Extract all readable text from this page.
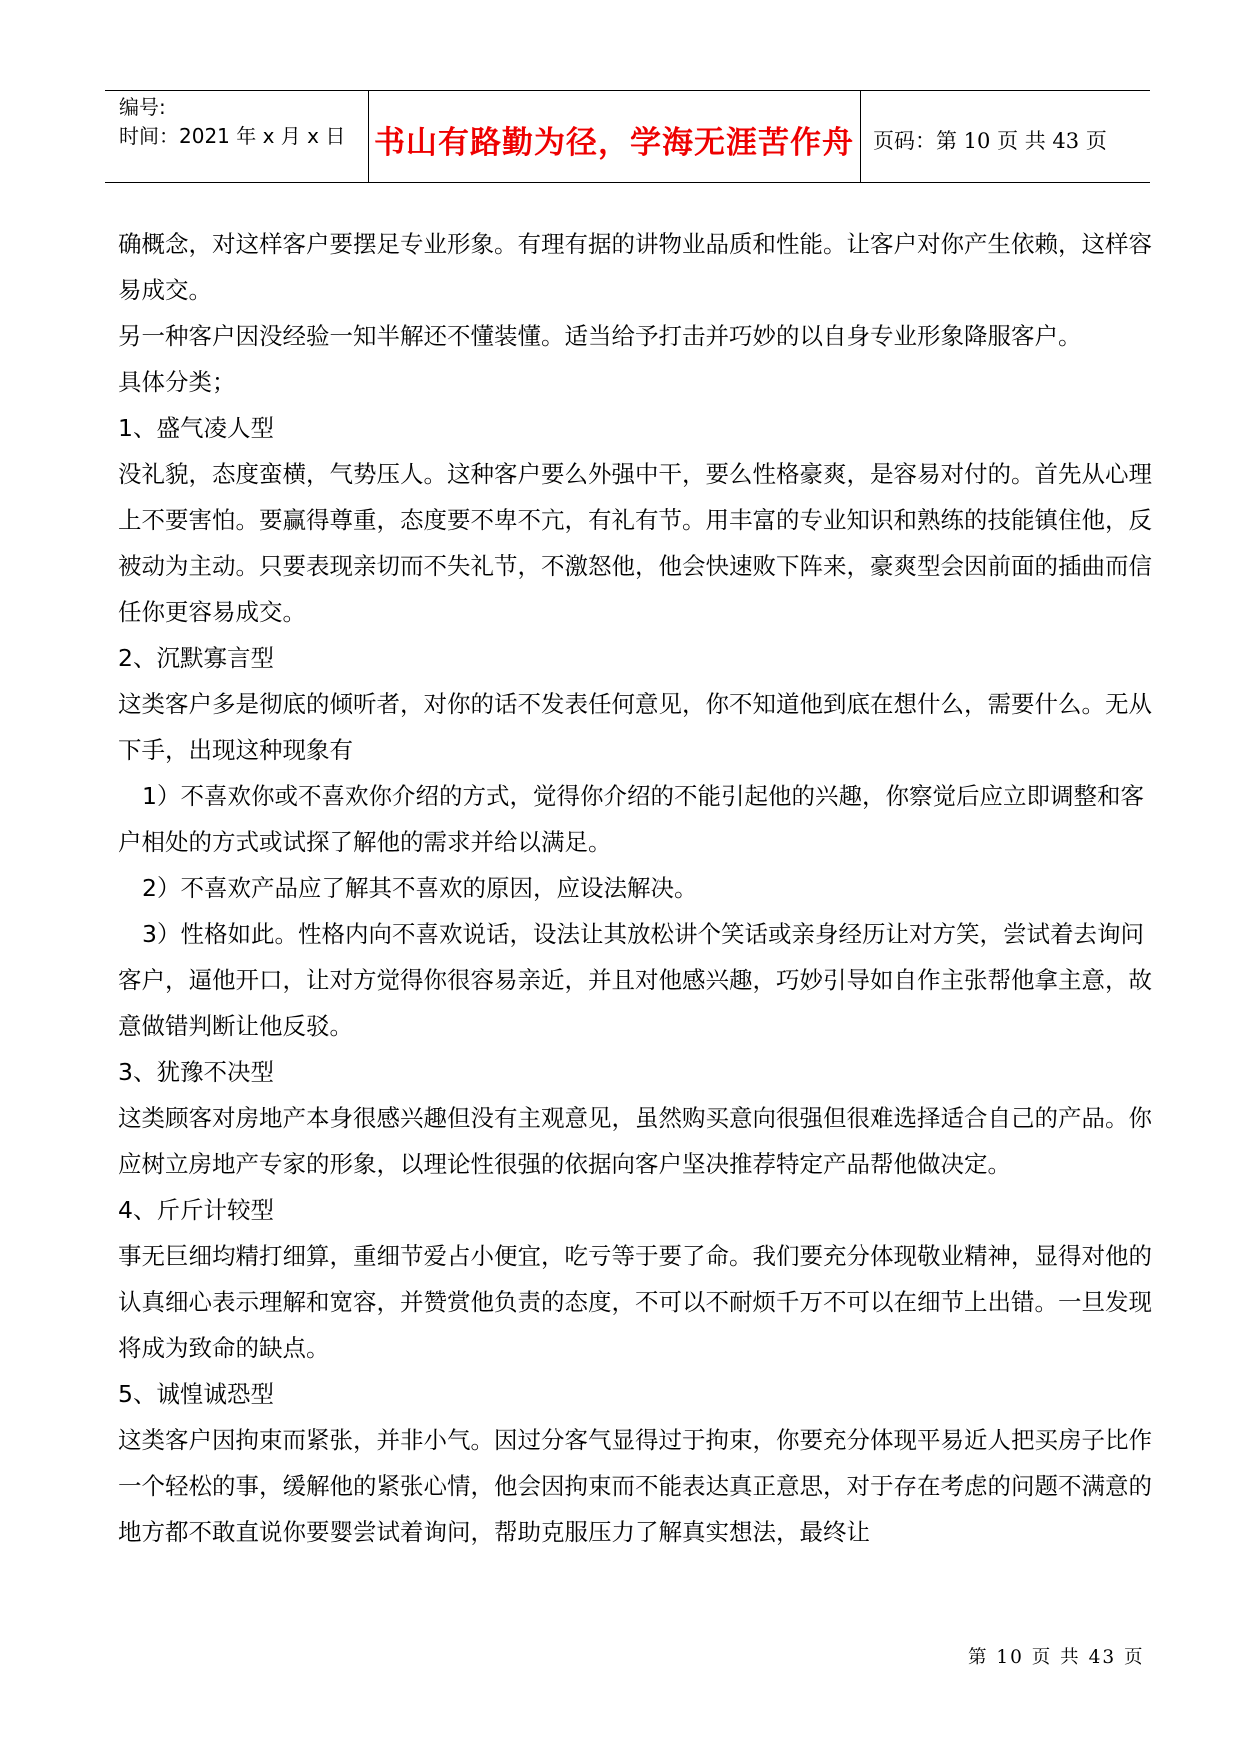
编号:
时间：2021 年 x 月 x 日 书山有路勤为径，学海无涯苦作舟 页码：第 10 页 共 43 页

确概念，对这样客户要摆足专业形象。有理有据的讲物业品质和性能。让客户对你产生依赖，这样容易成交。

另一种客户因没经验一知半解还不懂装懂。适当给予打击并巧妙的以自身专业形象降服客户。

具体分类；

1、盛气凌人型

没礼貌，态度蛮横，气势压人。这种客户要么外强中干，要么性格豪爽，是容易对付的。首先从心理上不要害怕。要赢得尊重，态度要不卑不亢，有礼有节。用丰富的专业知识和熟练的技能镇住他，反被动为主动。只要表现亲切而不失礼节，不激怒他，他会快速败下阵来，豪爽型会因前面的插曲而信任你更容易成交。

2、沉默寡言型

这类客户多是彻底的倾听者，对你的话不发表任何意见，你不知道他到底在想什么，需要什么。无从下手，出现这种现象有

1）不喜欢你或不喜欢你介绍的方式，觉得你介绍的不能引起他的兴趣，你察觉后应立即调整和客户相处的方式或试探了解他的需求并给以满足。

2）不喜欢产品应了解其不喜欢的原因，应设法解决。

3）性格如此。性格内向不喜欢说话，设法让其放松讲个笑话或亲身经历让对方笑，尝试着去询问客户，逼他开口，让对方觉得你很容易亲近，并且对他感兴趣，巧妙引导如自作主张帮他拿主意，故意做错判断让他反驳。

3、犹豫不决型

这类顾客对房地产本身很感兴趣但没有主观意见，虽然购买意向很强但很难选择适合自己的产品。你应树立房地产专家的形象，以理论性很强的依据向客户坚决推荐特定产品帮他做决定。

4、斤斤计较型

事无巨细均精打细算，重细节爱占小便宜，吃亏等于要了命。我们要充分体现敬业精神，显得对他的认真细心表示理解和宽容，并赞赏他负责的态度，不可以不耐烦千万不可以在细节上出错。一旦发现将成为致命的缺点。

5、诚惶诚恐型

这类客户因拘束而紧张，并非小气。因过分客气显得过于拘束，你要充分体现平易近人把买房子比作一个轻松的事，缓解他的紧张心情，他会因拘束而不能表达真正意思，对于存在考虑的问题不满意的地方都不敢直说你要婴尝试着询问，帮助克服压力了解真实想法，最终让

第 10 页 共 43 页
